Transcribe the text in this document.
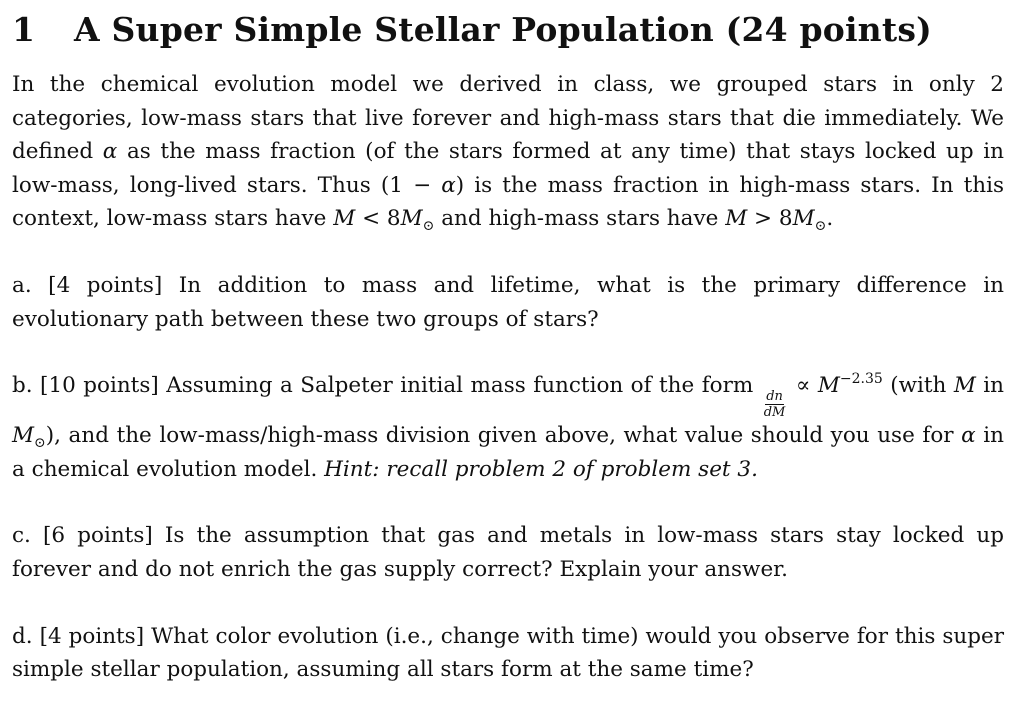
1	A Super Simple Stellar Population (24 points)

In the chemical evolution model we derived in class, we grouped stars in only 2 categories, low-mass stars that live forever and high-mass stars that die immediately. We defined α as the mass fraction (of the stars formed at any time) that stays locked up in low-mass, long-lived stars. Thus (1 − α) is the mass fraction in high-mass stars. In this context, low-mass stars have $M < 8M_⊙$ and high-mass stars have $M > 8M_⊙$.

a. [4 points] In addition to mass and lifetime, what is the primary difference in evolutionary path between these two groups of stars?

b. [10 points] Assuming a Salpeter initial mass function of the form
$\frac{dn}{dM}$
∝ $M^{-2.35}$ (with M in $M_⊙$), and the low-mass/high-mass division given above, what value should you use for α in a chemical evolution model. Hint: recall problem 2 of problem set 3.

c. [6 points] Is the assumption that gas and metals in low-mass stars stay locked up forever and do not enrich the gas supply correct? Explain your answer.

d. [4 points] What color evolution (i.e., change with time) would you observe for this super simple stellar population, assuming all stars form at the same time?
